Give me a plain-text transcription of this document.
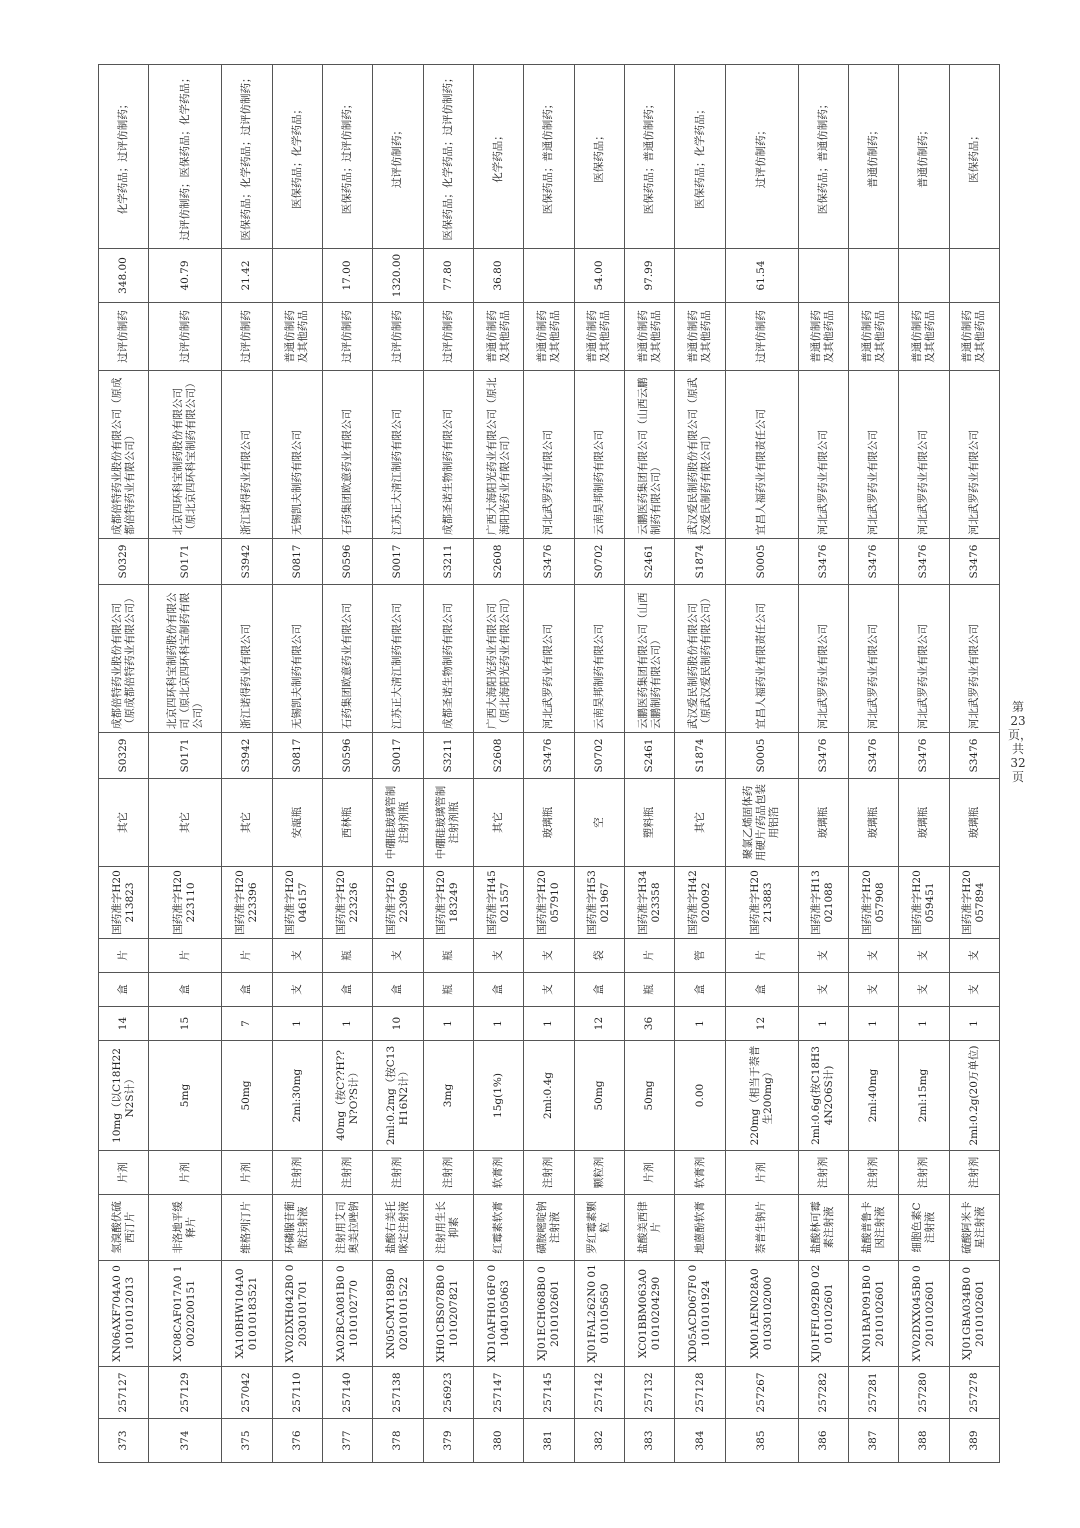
373	257127	XN06AXF704A0 010101012013	氢溴酸伏硫西汀片	片剂	10mg（以C18H22N2S计）	14	盒	片	国药准字H20213823	其它	S0329	成都倍特药业股份有限公司（原成都倍特药业有限公司）	S0329	成都倍特药业股份有限公司（原成都倍特药业有限公司）	过评仿制药	348.00	化学药品；过评仿制药；
374	257129	XC08CAF017A0 10020200151	非洛地平缓释片	片剂	5mg	15	盒	片	国药准字H20223110	其它	S0171	北京四环科宝制药股份有限公司（原北京四环科宝制药有限公司）	S0171	北京四环科宝制药股份有限公司（原北京四环科宝制药有限公司）	过评仿制药	40.79	过评仿制药；医保药品；化学药品；
375	257042	XA10BHW104A0 01010183521	维格列汀片	片剂	50mg	7	盒	片	国药准字H20223396	其它	S3942	浙江诺得药业有限公司	S3942	浙江诺得药业有限公司	过评仿制药	21.42	医保药品；化学药品；过评仿制药；
376	257110	XV02DXH042B0 02030101701	环磷腺苷葡胺注射液	注射剂	2ml:30mg	1	支	支	国药准字H20046157	安瓿瓶	S0817	无锡凯夫制药有限公司	S0817	无锡凯夫制药有限公司	普通仿制药及其他药品		医保药品；化学药品；
377	257140	XA02BCA081B0 01010102770	注射用艾司奥美拉唑钠	注射剂	40mg（按C??H??N?O?S计）	1	盒	瓶	国药准字H20223236	西林瓶	S0596	石药集团欧意药业有限公司	S0596	石药集团欧意药业有限公司	过评仿制药	17.00	医保药品；过评仿制药；
378	257138	XN05CMY189B0 02010101522	盐酸右美托咪定注射液	注射剂	2ml:0.2mg（按C13H16N2计）	10	盒	支	国药准字H20223096	中硼硅玻璃管制注射剂瓶	S0017	江苏正大清江制药有限公司	S0017	江苏正大清江制药有限公司	过评仿制药	1320.00	过评仿制药；
379	256923	XH01CBS078B0 01010207821	注射用生长抑素	注射剂	3mg	1	瓶	瓶	国药准字H20183249	中硼硅玻璃管制注射剂瓶	S3211	成都圣诺生物制药有限公司	S3211	成都圣诺生物制药有限公司	过评仿制药	77.80	医保药品；化学药品；过评仿制药；
380	257147	XD10AFH016F0 01040105063	红霉素软膏	软膏剂	15g(1%)	1	盒	支	国药准字H45021557	其它	S2608	广西大海阳光药业有限公司（原北海阳光药业有限公司）	S2608	广西大海阳光药业有限公司（原北海阳光药业有限公司）	普通仿制药及其他药品	36.80	化学药品；
381	257145	XJ01ECH068B0 02010102601	磺胺嘧啶钠注射液	注射剂	2ml:0.4g	1	支	支	国药准字H20057910	玻璃瓶	S3476	河北武罗药业有限公司	S3476	河北武罗药业有限公司	普通仿制药及其他药品		医保药品；普通仿制药；
382	257142	XJ01FAL262N0 01010105650	罗红霉素颗粒	颗粒剂	50mg	12	盒	袋	国药准字H53021967	空	S0702	云南昊邦制药有限公司	S0702	云南昊邦制药有限公司	普通仿制药及其他药品	54.00	医保药品；
383	257132	XC01BBM063A0 01010204290	盐酸美西律片	片剂	50mg	36	瓶	片	国药准字H34023358	塑料瓶	S2461	云鹏医药集团有限公司（山西云鹏制药有限公司）	S2461	云鹏医药集团有限公司（山西云鹏制药有限公司）	普通仿制药及其他药品	97.99	医保药品；普通仿制药；
384	257128	XD05ACD067F0 01010101924	地蒽酚软膏	软膏剂	0.00	1	盒	管	国药准字H42020092	其它	S1874	武汉爱民制药股份有限公司（原武汉爱民制药有限公司）	S1874	武汉爱民制药股份有限公司（原武汉爱民制药有限公司）	普通仿制药及其他药品		医保药品；化学药品；
385	257267	XM01AEN028A0 01030102000	萘普生钠片	片剂	220mg（相当于萘普生200mg）	12	盒	片	国药准字H20213883	聚氯乙烯固体药用硬片/药品包装用铝箔	S0005	宜昌人福药业有限责任公司	S0005	宜昌人福药业有限责任公司	过评仿制药	61.54	过评仿制药；
386	257282	XJ01FFL092B0 02010102601	盐酸林可霉素注射液	注射剂	2ml:0.6g(按C18H34N2O6S计)	1	支	支	国药准字H13021088	玻璃瓶	S3476	河北武罗药业有限公司	S3476	河北武罗药业有限公司	普通仿制药及其他药品		医保药品；普通仿制药；
387	257281	XN01BAP091B0 02010102601	盐酸普鲁卡因注射液	注射剂	2ml:40mg	1	支	支	国药准字H20057908	玻璃瓶	S3476	河北武罗药业有限公司	S3476	河北武罗药业有限公司	普通仿制药及其他药品		普通仿制药；
388	257280	XV02DXX045B0 02010102601	细胞色素C注射液	注射剂	2ml:15mg	1	支	支	国药准字H20059451	玻璃瓶	S3476	河北武罗药业有限公司	S3476	河北武罗药业有限公司	普通仿制药及其他药品		普通仿制药；
389	257278	XJ01GBA034B0 02010102601	硫酸阿米卡星注射液	注射剂	2ml:0.2g(20万单位)	1	支	支	国药准字H20057894	玻璃瓶	S3476	河北武罗药业有限公司	S3476	河北武罗药业有限公司	普通仿制药及其他药品		医保药品；
第 23 页，共 32 页
